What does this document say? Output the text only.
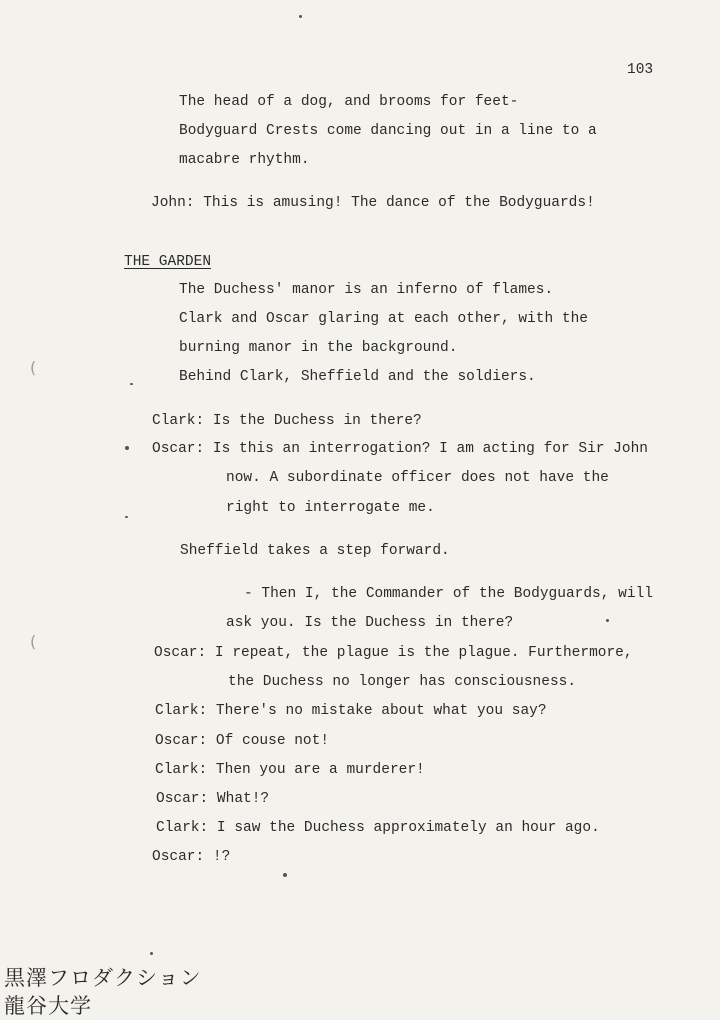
103
The head of a dog, and brooms for feet-
Bodyguard Crests come dancing out in a line to a
macabre rhythm.
John: This is amusing! The dance of the Bodyguards!
THE GARDEN
The Duchess' manor is an inferno of flames.
Clark and Oscar glaring at each other, with the
burning manor in the background.
Behind Clark, Sheffield and the soldiers.
Clark: Is the Duchess in there?
Oscar: Is this an interrogation? I am acting for Sir John
now. A subordinate officer does not have the
right to interrogate me.
Sheffield takes a step forward.
- Then I, the Commander of the Bodyguards, will
ask you. Is the Duchess in there?
Oscar: I repeat, the plague is the plague. Furthermore,
the Duchess no longer has consciousness.
Clark: There's no mistake about what you say?
Oscar: Of couse not!
Clark: Then you are a murderer!
Oscar: What!?
Clark: I saw the Duchess approximately an hour ago.
Oscar: !?
(
(
黒澤フロダクション
龍谷大学
